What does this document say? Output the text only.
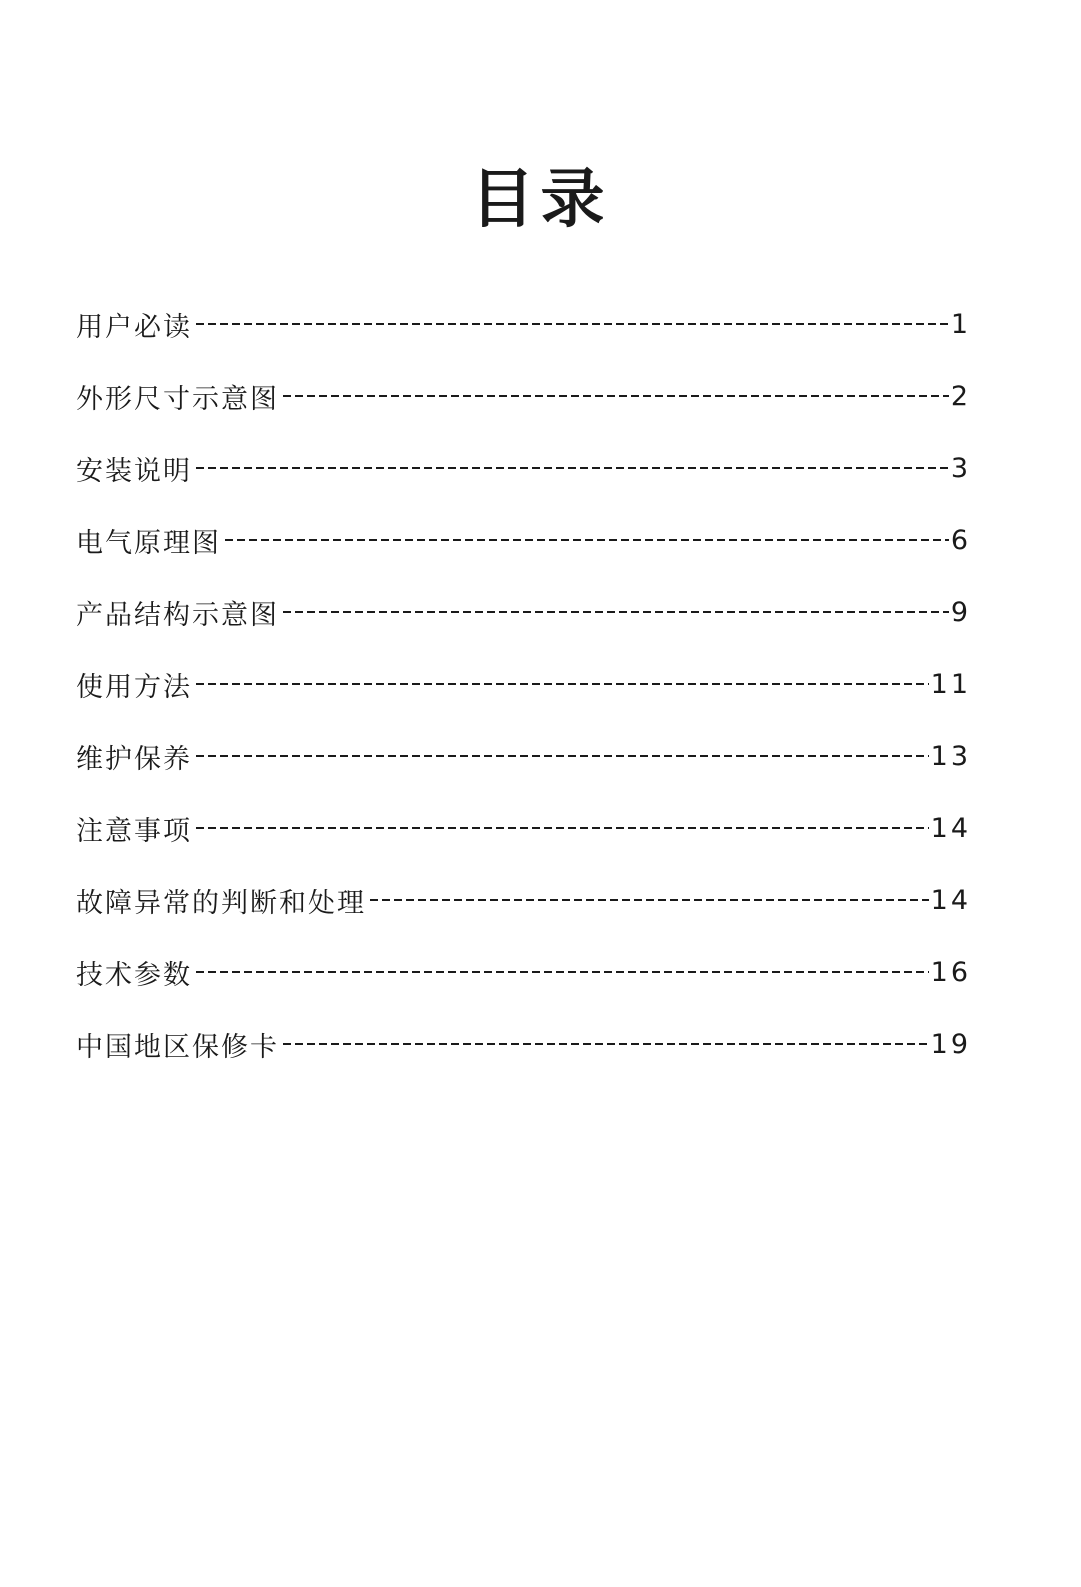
目录
用户必读	1
外形尺寸示意图	2
安装说明	3
电气原理图	6
产品结构示意图	9
使用方法	11
维护保养	13
注意事项	14
故障异常的判断和处理	14
技术参数	16
中国地区保修卡	19
